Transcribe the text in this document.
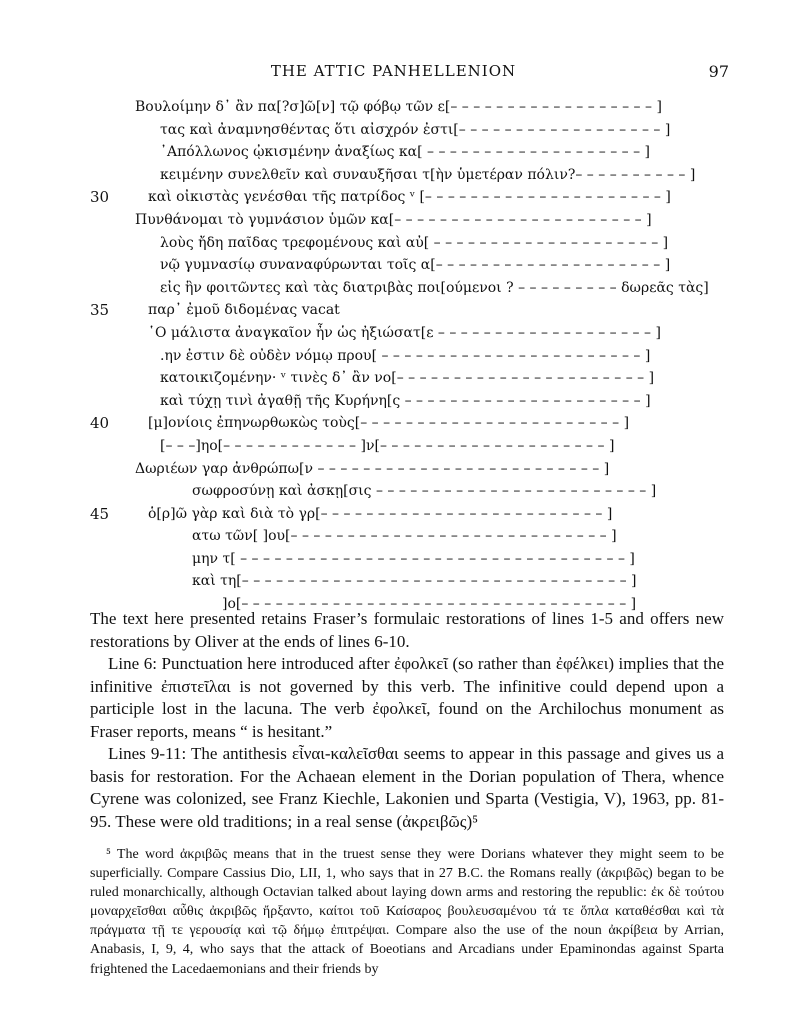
THE ATTIC PANHELLENION	97
Βουλοίμην δ᾽ ἂν πα[?σ]ῶ[ν] τῷ φόβῳ τῶν ε[– – – – – – – – – – – – – – – – – – ]
τας καὶ ἀναμνησθέντας ὅτι αἰσχρόν ἐστι[– – – – – – – – – – – – – – – – – – ]
᾽Απόλλωνος ᾠκισμένην ἀναξίως κα[ – – – – – – – – – – – – – – – – – – – ]
κειμένην συνελθεῖν καὶ συναυξῆσαι τ[ὴν ὑμετέραν πόλιν?– – – – – – – – – – ]
30	καὶ οἰκιστὰς γενέσθαι τῆς πατρίδος ᵛ [– – – – – – – – – – – – – – – – – – – – – ]
Πυνθάνομαι τὸ γυμνάσιον ὑμῶν κα[– – – – – – – – – – – – – – – – – – – – – – ]
λοὺς ἤδη παῖδας τρεφομένους καὶ αὐ[ – – – – – – – – – – – – – – – – – – – – ]
νῷ γυμνασίῳ συναναφύρωνται τοῖς α[– – – – – – – – – – – – – – – – – – – – ]
εἰς ἣν φοιτῶντες καὶ τὰς διατριβὰς ποι[ούμενοι ? – – – – – – – – – δωρεᾶς τὰς]
35	παρ᾽ ἐμοῦ διδομένας vacat
῾Ο μάλιστα ἀναγκαῖον ἦν ὡς ἠξιώσατ[ε – – – – – – – – – – – – – – – – – – – ]
.ην ἐστιν δὲ οὐδὲν νόμῳ πρου[ – – – – – – – – – – – – – – – – – – – – – – – ]
κατοικιζομένην· ᵛ τινὲς δ᾽ ἂν νο[– – – – – – – – – – – – – – – – – – – – – – ]
καὶ τύχῃ τινὶ ἀγαθῇ τῆς Κυρήνη[ς – – – – – – – – – – – – – – – – – – – – – ]
40	[μ]ονίοις ἐπηνωρθωκὼς τοὺς[– – – – – – – – – – – – – – – – – – – – – – – ]
[– – –]ηο[– – – – – – – – – – – – ]ν[– – – – – – – – – – – – – – – – – – – – ]
Δωριέων γαρ ἀνθρώπω[ν – – – – – – – – – – – – – – – – – – – – – – – – – ]
σωφροσύνῃ καὶ ἀσκῃ[σις – – – – – – – – – – – – – – – – – – – – – – – – ]
45	ὁ[ρ]ῶ γὰρ καὶ διὰ τὸ γρ[– – – – – – – – – – – – – – – – – – – – – – – – – ]
ατω τῶν[ ]ου[– – – – – – – – – – – – – – – – – – – – – – – – – – – – ]
μην τ[ – – – – – – – – – – – – – – – – – – – – – – – – – – – – – – – – – – ]
καὶ τη[– – – – – – – – – – – – – – – – – – – – – – – – – – – – – – – – – – ]
]ο[– – – – – – – – – – – – – – – – – – – – – – – – – – – – – – – – – – ]

The text here presented retains Fraser’s formulaic restorations of lines 1-5 and offers new restorations by Oliver at the ends of lines 6-10.

Line 6: Punctuation here introduced after ἐφολκεῖ (so rather than ἐφέλκει) implies that the infinitive ἐπιστεῖλαι is not governed by this verb. The infinitive could depend upon a participle lost in the lacuna. The verb ἐφολκεῖ, found on the Archilochus monument as Fraser reports, means “ is hesitant.”

Lines 9-11: The antithesis εἶναι-καλεῖσθαι seems to appear in this passage and gives us a basis for restoration. For the Achaean element in the Dorian population of Thera, whence Cyrene was colonized, see Franz Kiechle, Lakonien und Sparta (Vestigia, V), 1963, pp. 81-95. These were old traditions; in a real sense (ἀκρειβῶς)⁵

⁵ The word ἀκριβῶς means that in the truest sense they were Dorians whatever they might seem to be superficially. Compare Cassius Dio, LII, 1, who says that in 27 B.C. the Romans really (ἀκριβῶς) began to be ruled monarchically, although Octavian talked about laying down arms and restoring the republic: ἐκ δὲ τούτου μοναρχεῖσθαι αὖθις ἀκριβῶς ἤρξαντο, καίτοι τοῦ Καίσαρος βουλευσαμένου τά τε ὅπλα καταθέσθαι καὶ τὰ πράγματα τῇ τε γερουσίᾳ καὶ τῷ δήμῳ ἐπιτρέψαι. Compare also the use of the noun ἀκρίβεια by Arrian, Anabasis, I, 9, 4, who says that the attack of Boeotians and Arcadians under Epaminondas against Sparta frightened the Lacedaemonians and their friends by
